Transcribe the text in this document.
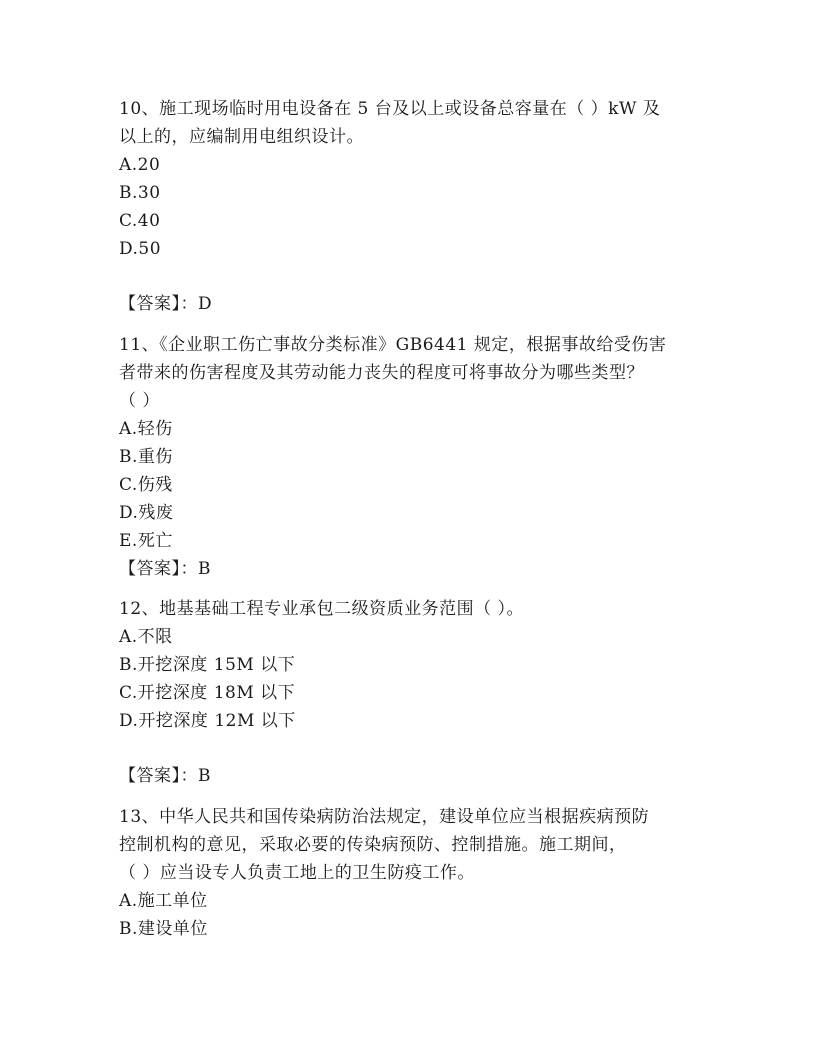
10、施工现场临时用电设备在 5 台及以上或设备总容量在（ ）kW 及
以上的，应编制用电组织设计。
A.20
B.30
C.40
D.50
【答案】：D
11、《企业职工伤亡事故分类标准》GB6441 规定，根据事故给受伤害
者带来的伤害程度及其劳动能力丧失的程度可将事故分为哪些类型？
（ ）
A.轻伤
B.重伤
C.伤残
D.残废
E.死亡
【答案】：B
12、地基基础工程专业承包二级资质业务范围（ ）。
A.不限
B.开挖深度 15M 以下
C.开挖深度 18M 以下
D.开挖深度 12M 以下
【答案】：B
13、中华人民共和国传染病防治法规定，建设单位应当根据疾病预防
控制机构的意见，采取必要的传染病预防、控制措施。施工期间，
（ ）应当设专人负责工地上的卫生防疫工作。
A.施工单位
B.建设单位
